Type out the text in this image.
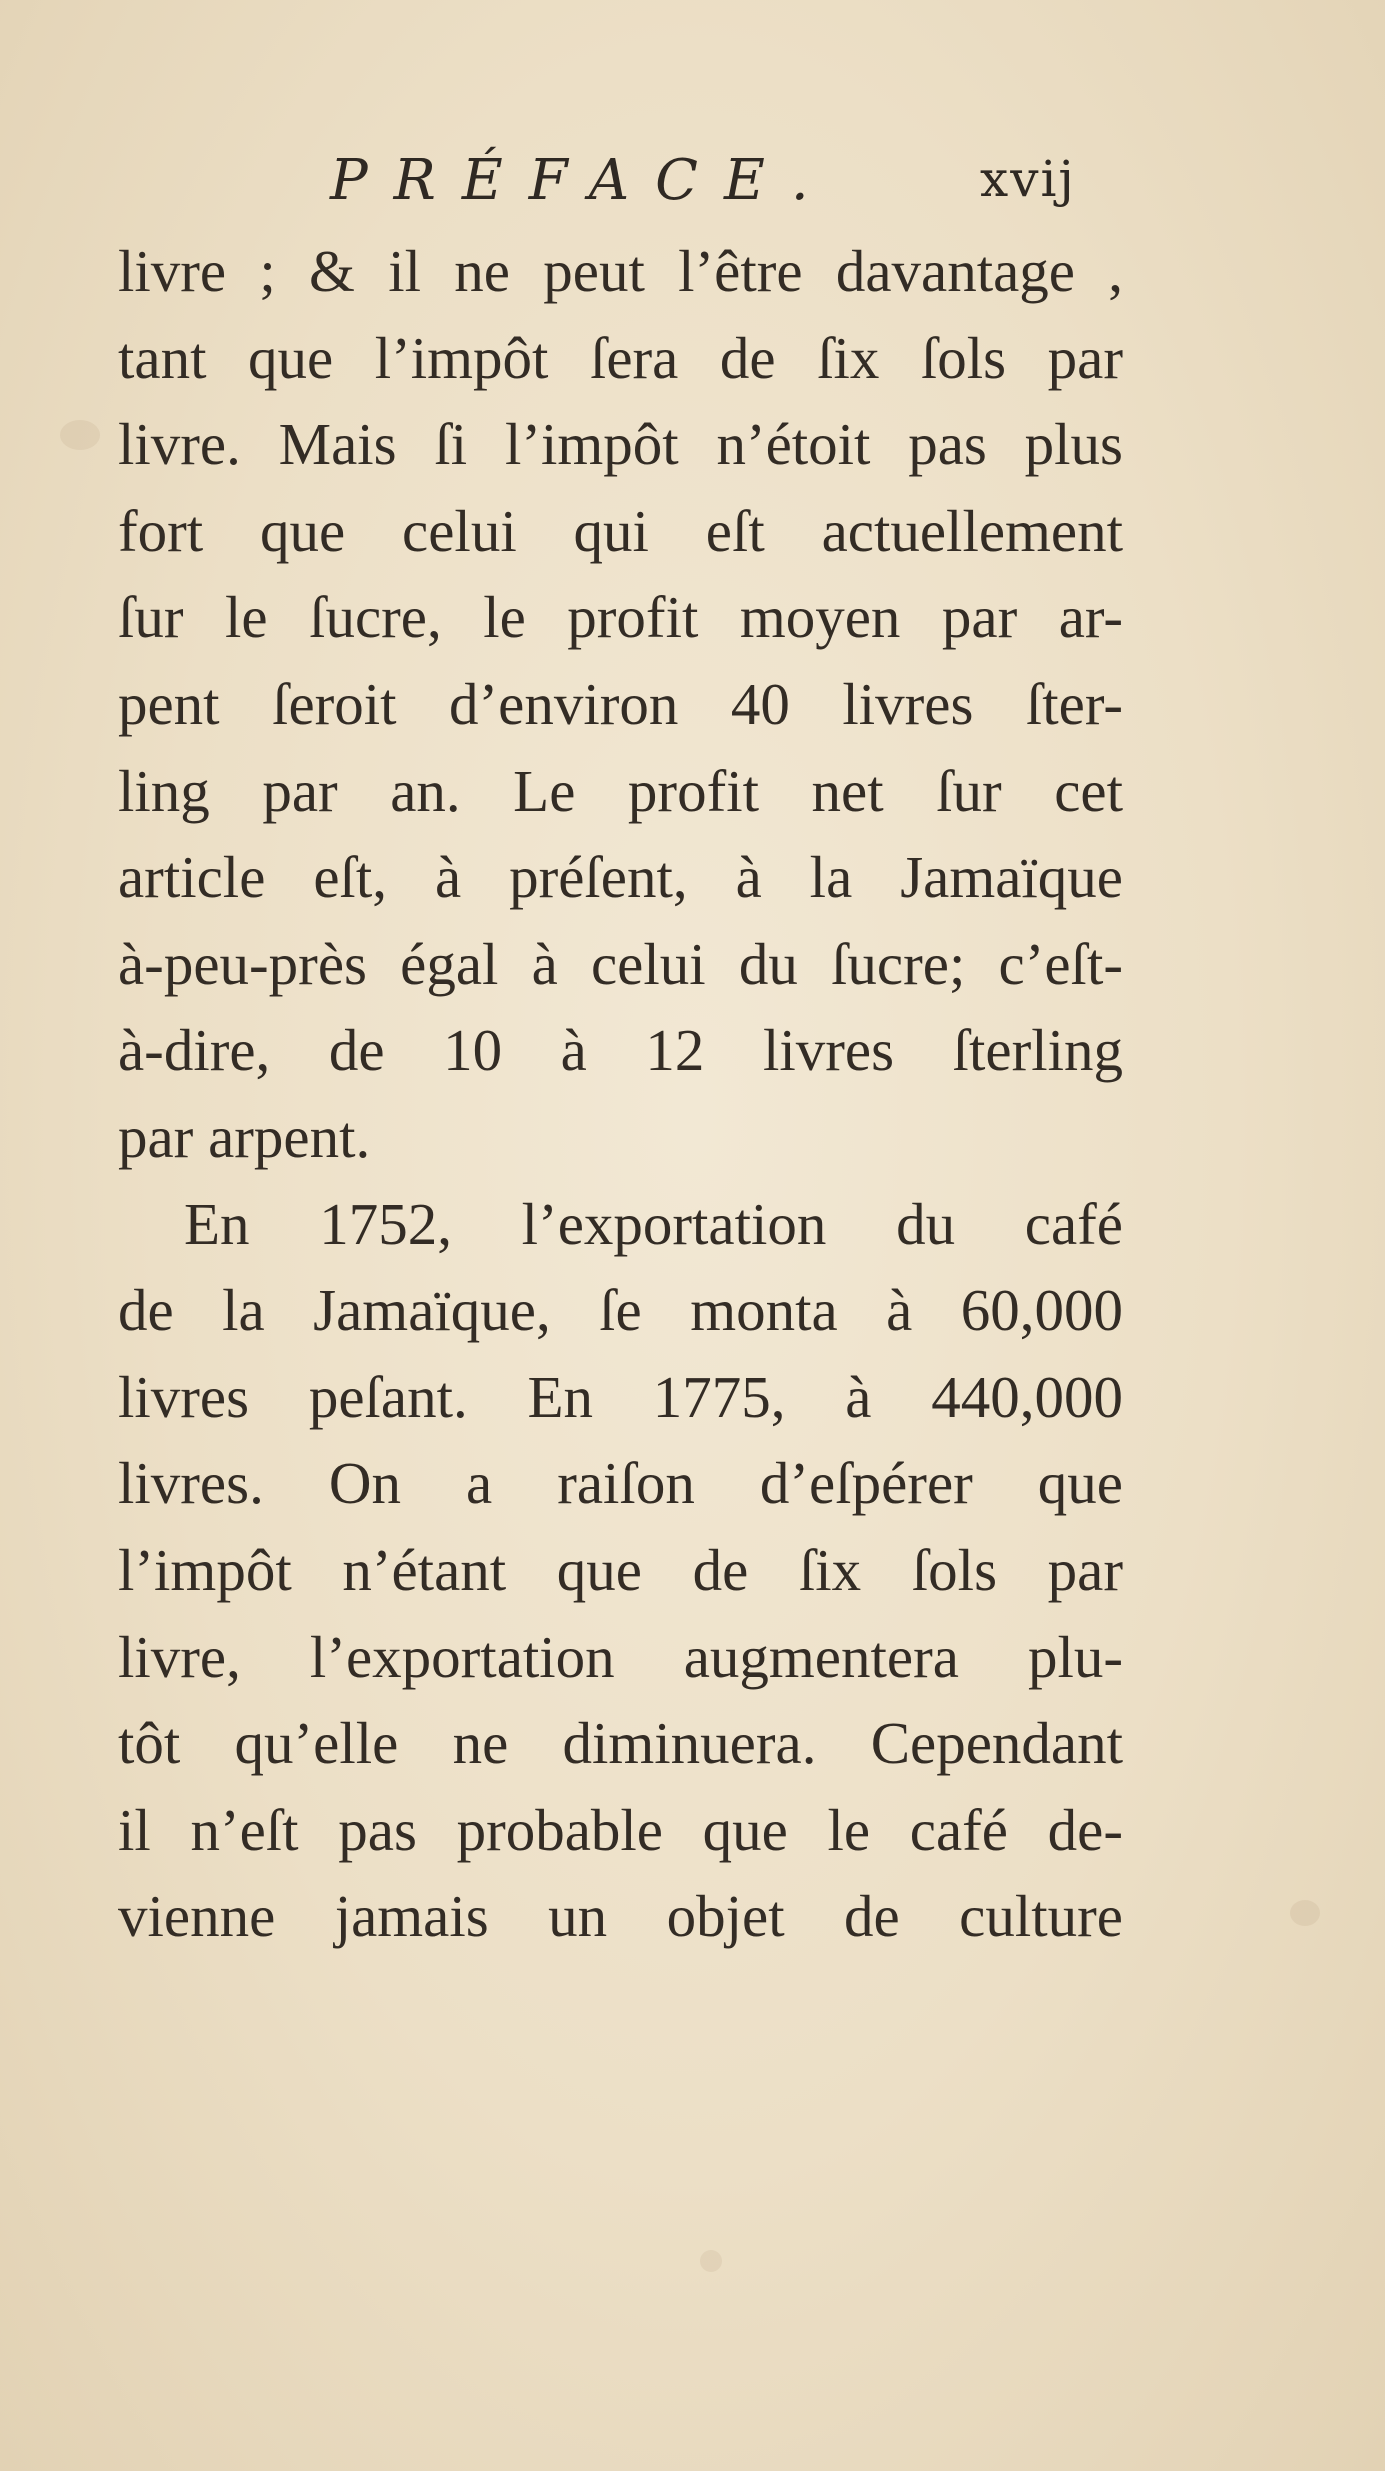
PRÉFACE.	xvij
livre ; & il ne peut l’être davantage ,
tant que l’impôt ſera de ſix ſols par
livre. Mais ſi l’impôt n’étoit pas plus
fort que celui qui eſt actuellement
ſur le ſucre, le profit moyen par ar-
pent ſeroit d’environ 40 livres ſter-
ling par an. Le profit net ſur cet
article eſt, à préſent, à la Jamaïque
à-peu-près égal à celui du ſucre; c’eſt-
à-dire, de 10 à 12 livres ſterling
par arpent.
En 1752, l’exportation du café
de la Jamaïque, ſe monta à 60,000
livres peſant. En 1775, à 440,000
livres. On a raiſon d’eſpérer que
l’impôt n’étant que de ſix ſols par
livre, l’exportation augmentera plu-
tôt qu’elle ne diminuera. Cependant
il n’eſt pas probable que le café de-
vienne jamais un objet de culture
